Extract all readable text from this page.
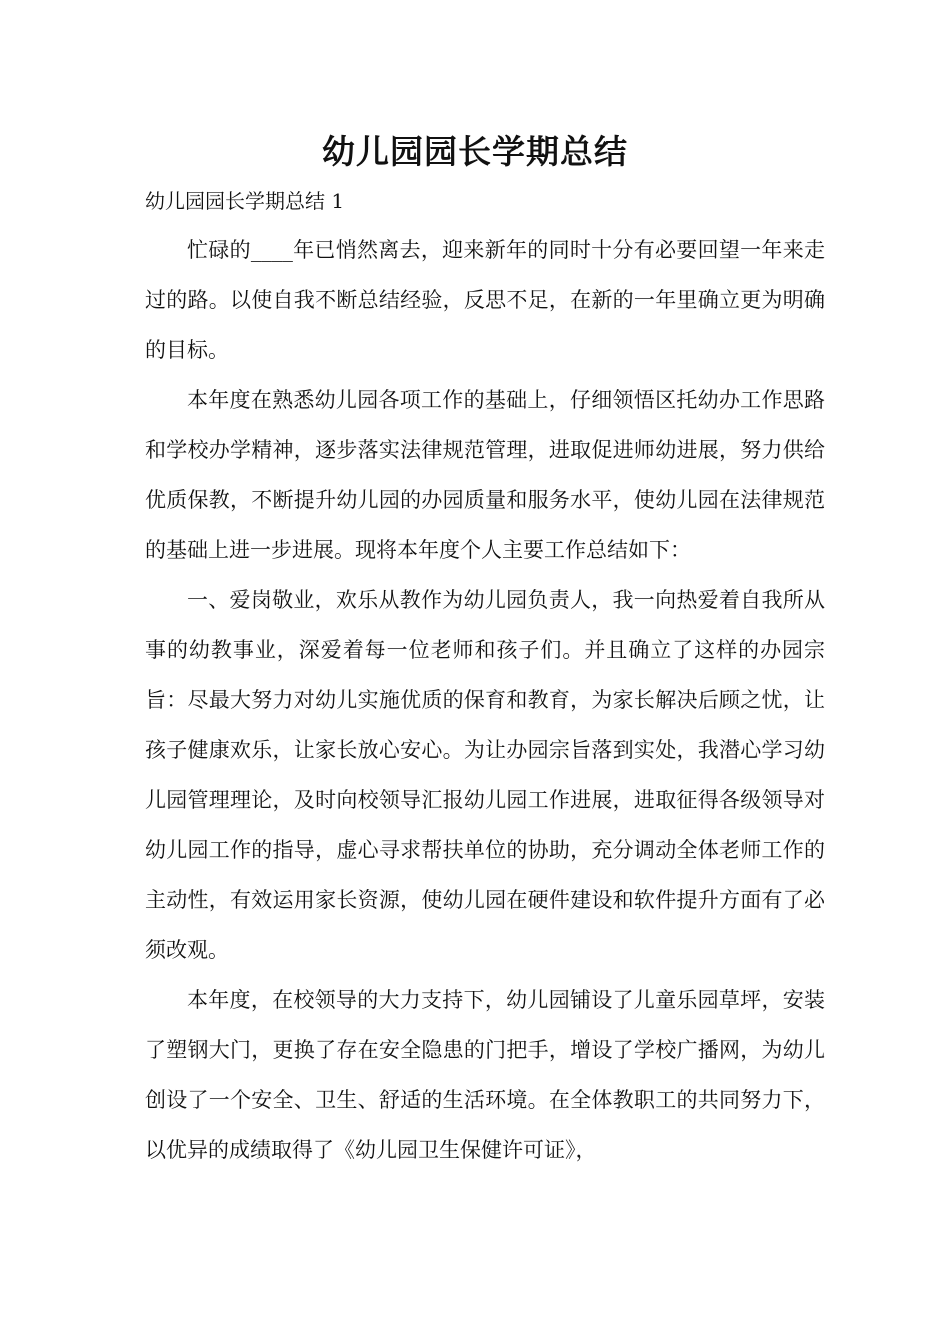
幼儿园园长学期总结

幼儿园园长学期总结 1

忙碌的____年已悄然离去，迎来新年的同时十分有必要回望一年来走过的路。以使自我不断总结经验，反思不足，在新的一年里确立更为明确的目标。

本年度在熟悉幼儿园各项工作的基础上，仔细领悟区托幼办工作思路和学校办学精神，逐步落实法律规范管理，进取促进师幼进展，努力供给优质保教，不断提升幼儿园的办园质量和服务水平，使幼儿园在法律规范的基础上进一步进展。现将本年度个人主要工作总结如下：

一、爱岗敬业，欢乐从教作为幼儿园负责人，我一向热爱着自我所从事的幼教事业，深爱着每一位老师和孩子们。并且确立了这样的办园宗旨：尽最大努力对幼儿实施优质的保育和教育，为家长解决后顾之忧，让孩子健康欢乐，让家长放心安心。为让办园宗旨落到实处，我潜心学习幼儿园管理理论，及时向校领导汇报幼儿园工作进展，进取征得各级领导对幼儿园工作的指导，虚心寻求帮扶单位的协助，充分调动全体老师工作的主动性，有效运用家长资源，使幼儿园在硬件建设和软件提升方面有了必须改观。

本年度，在校领导的大力支持下，幼儿园铺设了儿童乐园草坪，安装了塑钢大门，更换了存在安全隐患的门把手，增设了学校广播网，为幼儿创设了一个安全、卫生、舒适的生活环境。在全体教职工的共同努力下，以优异的成绩取得了《幼儿园卫生保健许可证》，
